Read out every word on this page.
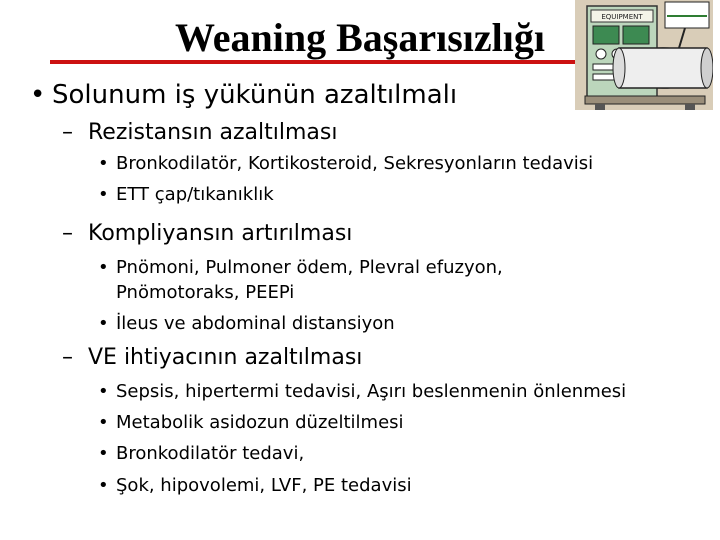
Weaning Başarısızlığı	EQUIPMENT
• Solunum iş yükünün azaltılmalı
– Rezistansın azaltılması
• Bronkodilatör, Kortikosteroid, Sekresyonların tedavisi
• ETT çap/tıkanıklık
– Kompliyansın artırılması
• Pnömoni, Pulmoner ödem, Plevral efuzyon,
Pnömotoraks, PEEPi
• İleus ve abdominal distansiyon
– VE ihtiyacının azaltılması
• Sepsis, hipertermi tedavisi, Aşırı beslenmenin önlenmesi
• Metabolik asidozun düzeltilmesi
• Bronkodilatör tedavi,
• Şok, hipovolemi, LVF, PE tedavisi
